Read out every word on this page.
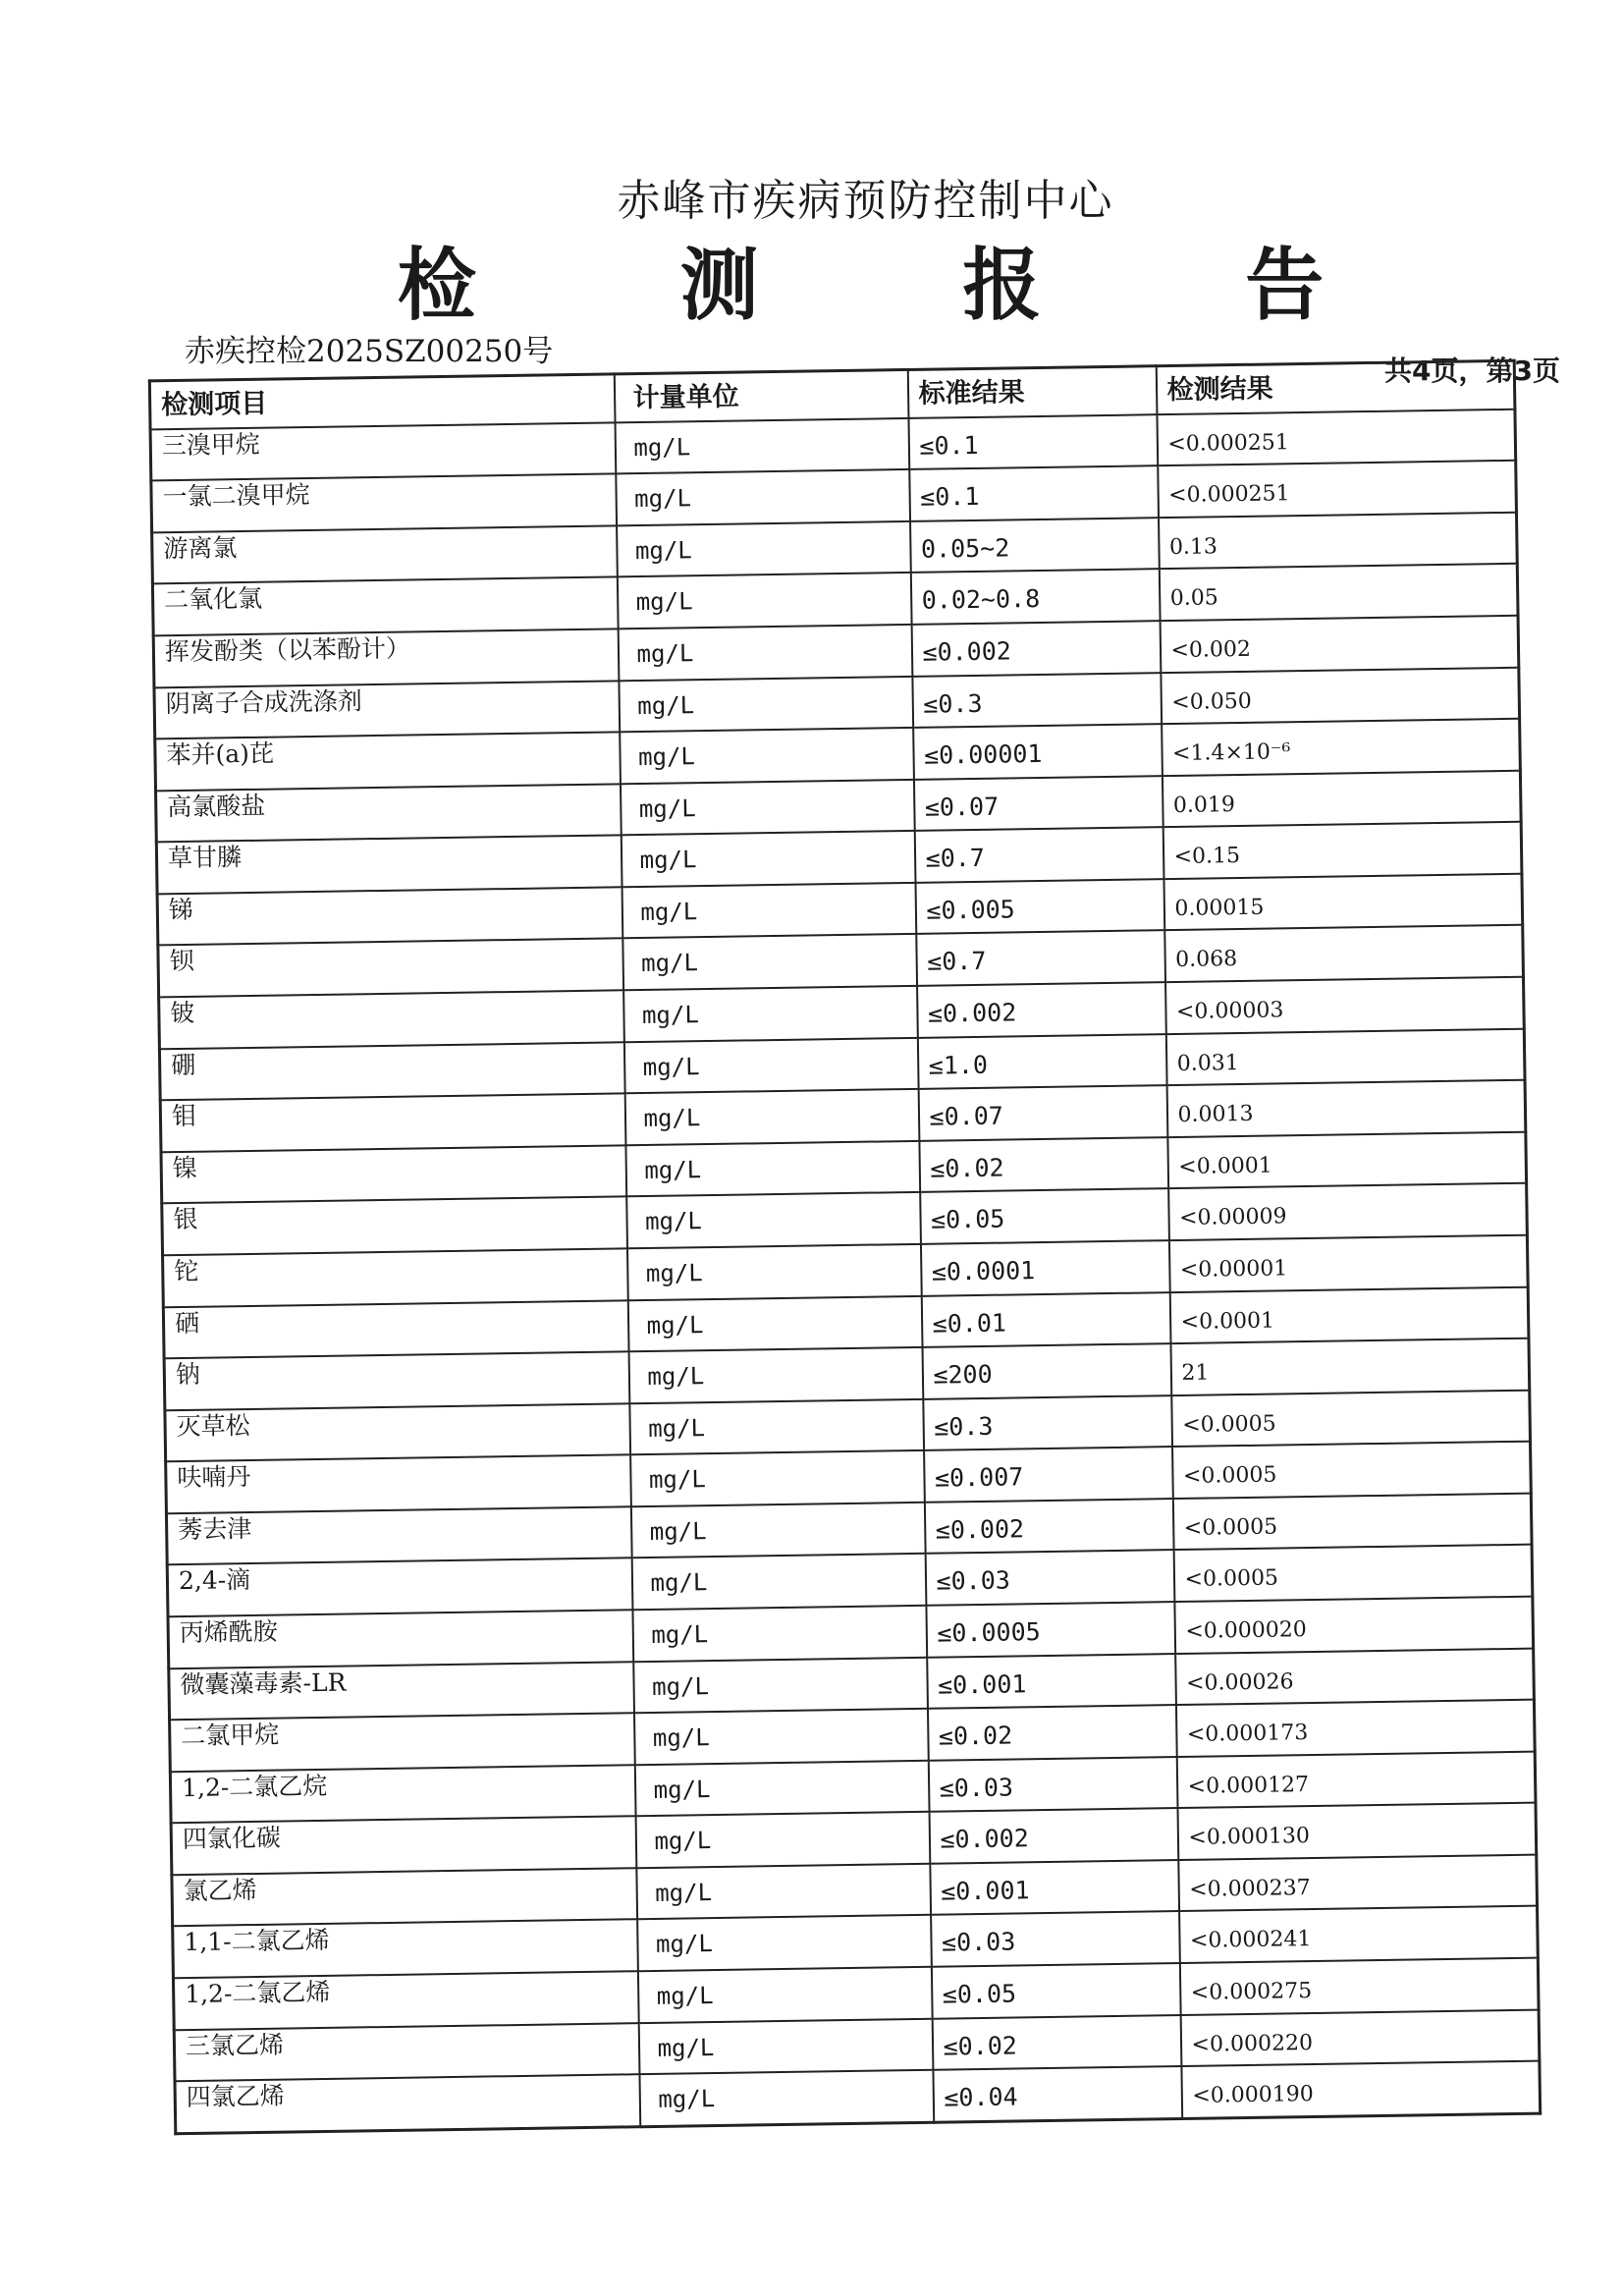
赤峰市疾病预防控制中心
检 测 报 告
赤疾控检2025SZ00250号
共4页，第3页
检测项目	计量单位	标准结果	检测结果
三溴甲烷	mg/L	≤0.1	<0.000251
一氯二溴甲烷	mg/L	≤0.1	<0.000251
游离氯	mg/L	0.05~2	0.13
二氧化氯	mg/L	0.02~0.8	0.05
挥发酚类（以苯酚计）	mg/L	≤0.002	<0.002
阴离子合成洗涤剂	mg/L	≤0.3	<0.050
苯并(a)芘	mg/L	≤0.00001	<1.4×10⁻⁶
高氯酸盐	mg/L	≤0.07	0.019
草甘膦	mg/L	≤0.7	<0.15
锑	mg/L	≤0.005	0.00015
钡	mg/L	≤0.7	0.068
铍	mg/L	≤0.002	<0.00003
硼	mg/L	≤1.0	0.031
钼	mg/L	≤0.07	0.0013
镍	mg/L	≤0.02	<0.0001
银	mg/L	≤0.05	<0.00009
铊	mg/L	≤0.0001	<0.00001
硒	mg/L	≤0.01	<0.0001
钠	mg/L	≤200	21
灭草松	mg/L	≤0.3	<0.0005
呋喃丹	mg/L	≤0.007	<0.0005
莠去津	mg/L	≤0.002	<0.0005
2,4-滴	mg/L	≤0.03	<0.0005
丙烯酰胺	mg/L	≤0.0005	<0.000020
微囊藻毒素-LR	mg/L	≤0.001	<0.00026
二氯甲烷	mg/L	≤0.02	<0.000173
1,2-二氯乙烷	mg/L	≤0.03	<0.000127
四氯化碳	mg/L	≤0.002	<0.000130
氯乙烯	mg/L	≤0.001	<0.000237
1,1-二氯乙烯	mg/L	≤0.03	<0.000241
1,2-二氯乙烯	mg/L	≤0.05	<0.000275
三氯乙烯	mg/L	≤0.02	<0.000220
四氯乙烯	mg/L	≤0.04	<0.000190
